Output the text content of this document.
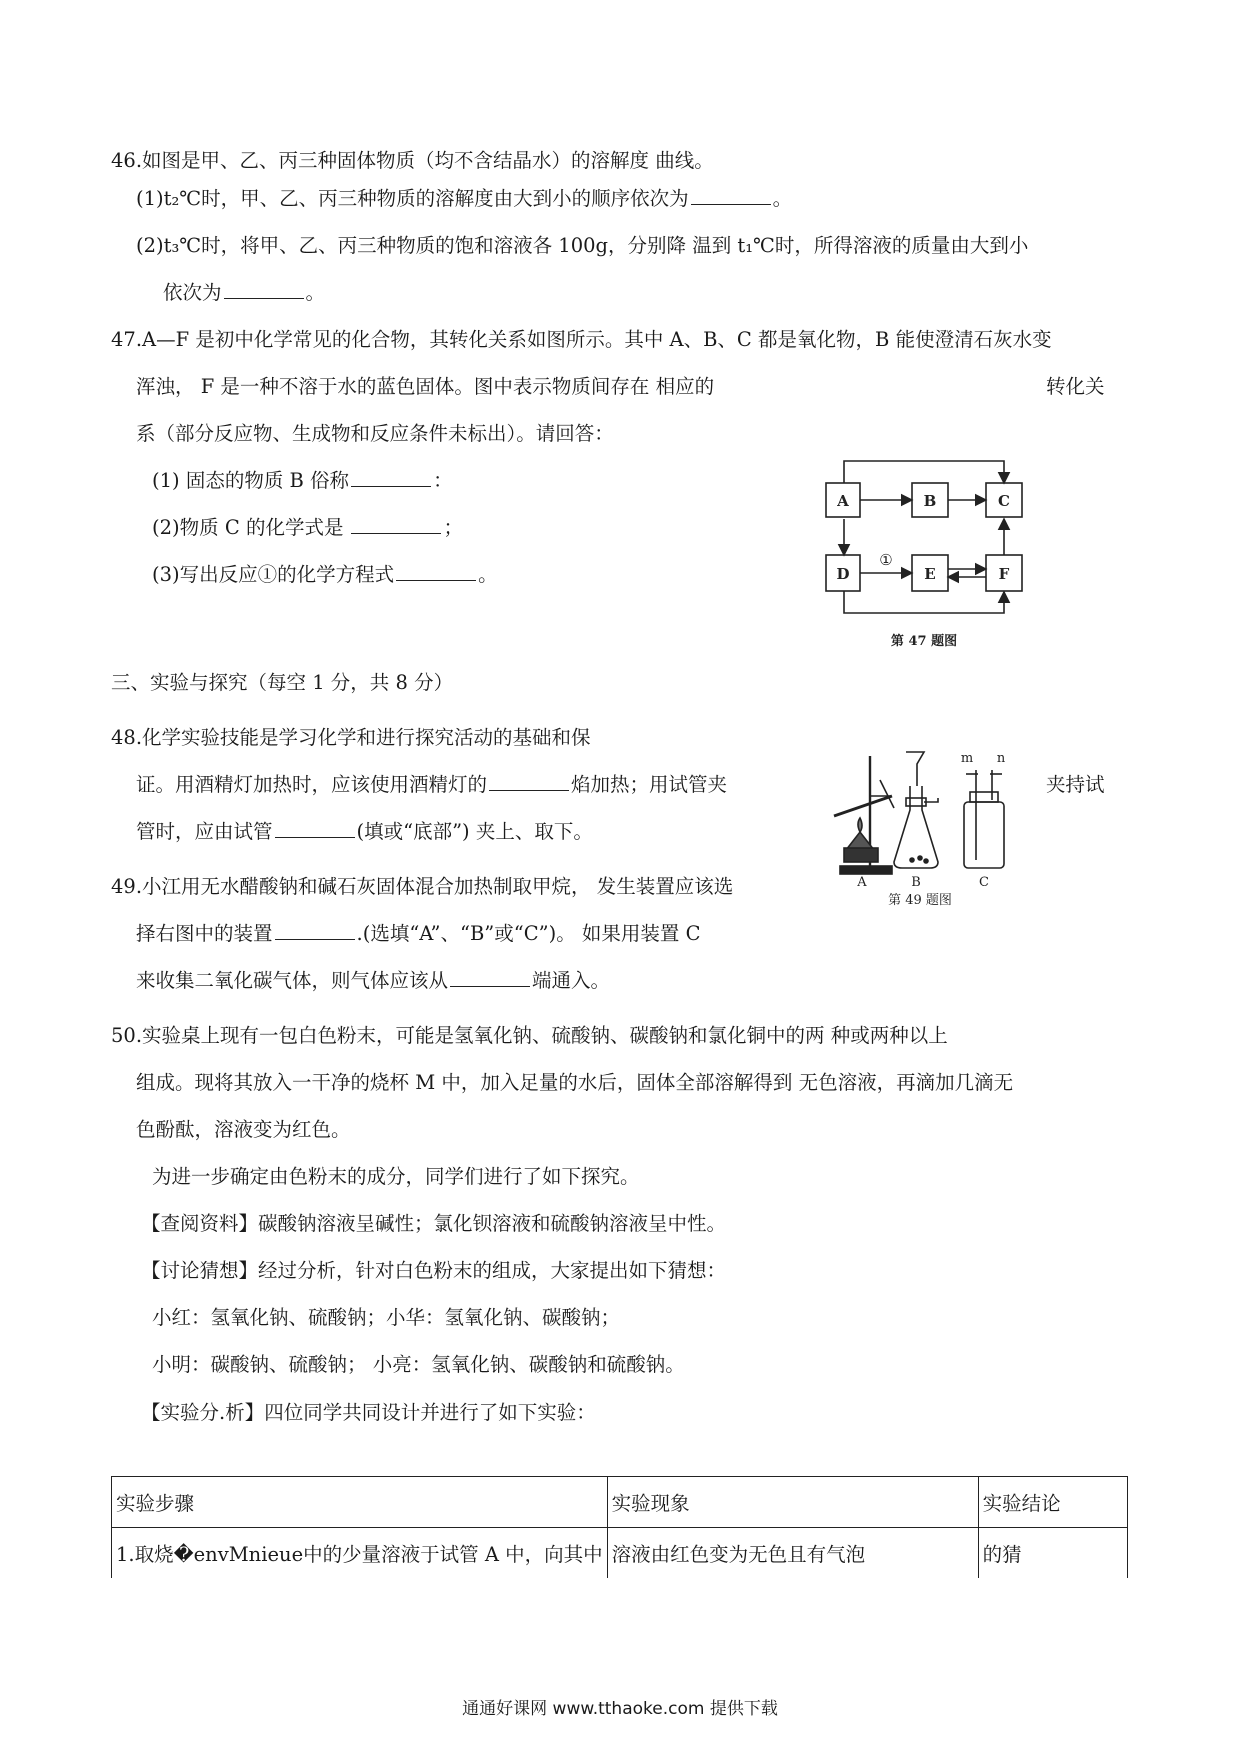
46.如图是甲、乙、丙三种固体物质（均不含结晶水）的溶解度 曲线。
(1)t₂℃时，甲、乙、丙三种物质的溶解度由大到小的顺序依次为	。
(2)t₃℃时，将甲、乙、丙三种物质的饱和溶液各 100g，分别降 温到 t₁℃时，所得溶液的质量由大到小
依次为	。
47.A—F 是初中化学常见的化合物，其转化关系如图所示。其中 A、B、C 都是氧化物，B 能使澄清石灰水变
浑浊， F 是一种不溶于水的蓝色固体。图中表示物质间存在 相应的	转化关
系（部分反应物、生成物和反应条件未标出）。请回答：
(1) 固态的物质 B 俗称	：
(2)物质 C 的化学式是	；
(3)写出反应①的化学方程式	。
A	B	C
D	E	F
①
第 47 题图
三、实验与探究（每空 1 分，共 8 分）
48.化学实验技能是学习化学和进行探究活动的基础和保
证。用酒精灯加热时，应该使用酒精灯的	焰加热；用试管夹	夹持试
管时，应由试管	(填或“底部”) 夹上、取下。
49.小江用无水醋酸钠和碱石灰固体混合加热制取甲烷， 发生装置应该选
择右图中的装置	.(选填“A”、“B”或“C”)。 如果用装置 C
来收集二氧化碳气体，则气体应该从	端通入。
m n
A	B	C
第 49 题图
50.实验桌上现有一包白色粉末，可能是氢氧化钠、硫酸钠、碳酸钠和氯化铜中的两 种或两种以上
组成。现将其放入一干净的烧杯 M 中，加入足量的水后，固体全部溶解得到 无色溶液，再滴加几滴无
色酚酞，溶液变为红色。
为进一步确定由色粉末的成分，同学们进行了如下探究。
【查阅资料】碳酸钠溶液呈碱性；氯化钡溶液和硫酸钠溶液呈中性。
【讨论猜想】经过分析，针对白色粉末的组成，大家提出如下猜想：
小红：氢氧化钠、硫酸钠；小华：氢氧化钠、碳酸钠；
小明：碳酸钠、硫酸钠； 小亮：氢氧化钠、碳酸钠和硫酸钠。
【实验分.析】四位同学共同设计并进行了如下实验：
实验步骤	实验现象	实验结论
1.取烧�envMnieue中的少量溶液于试管 A 中，向其中	溶液由红色变为无色且有气泡	的猜
通通好课网 www.tthaoke.com 提供下载
